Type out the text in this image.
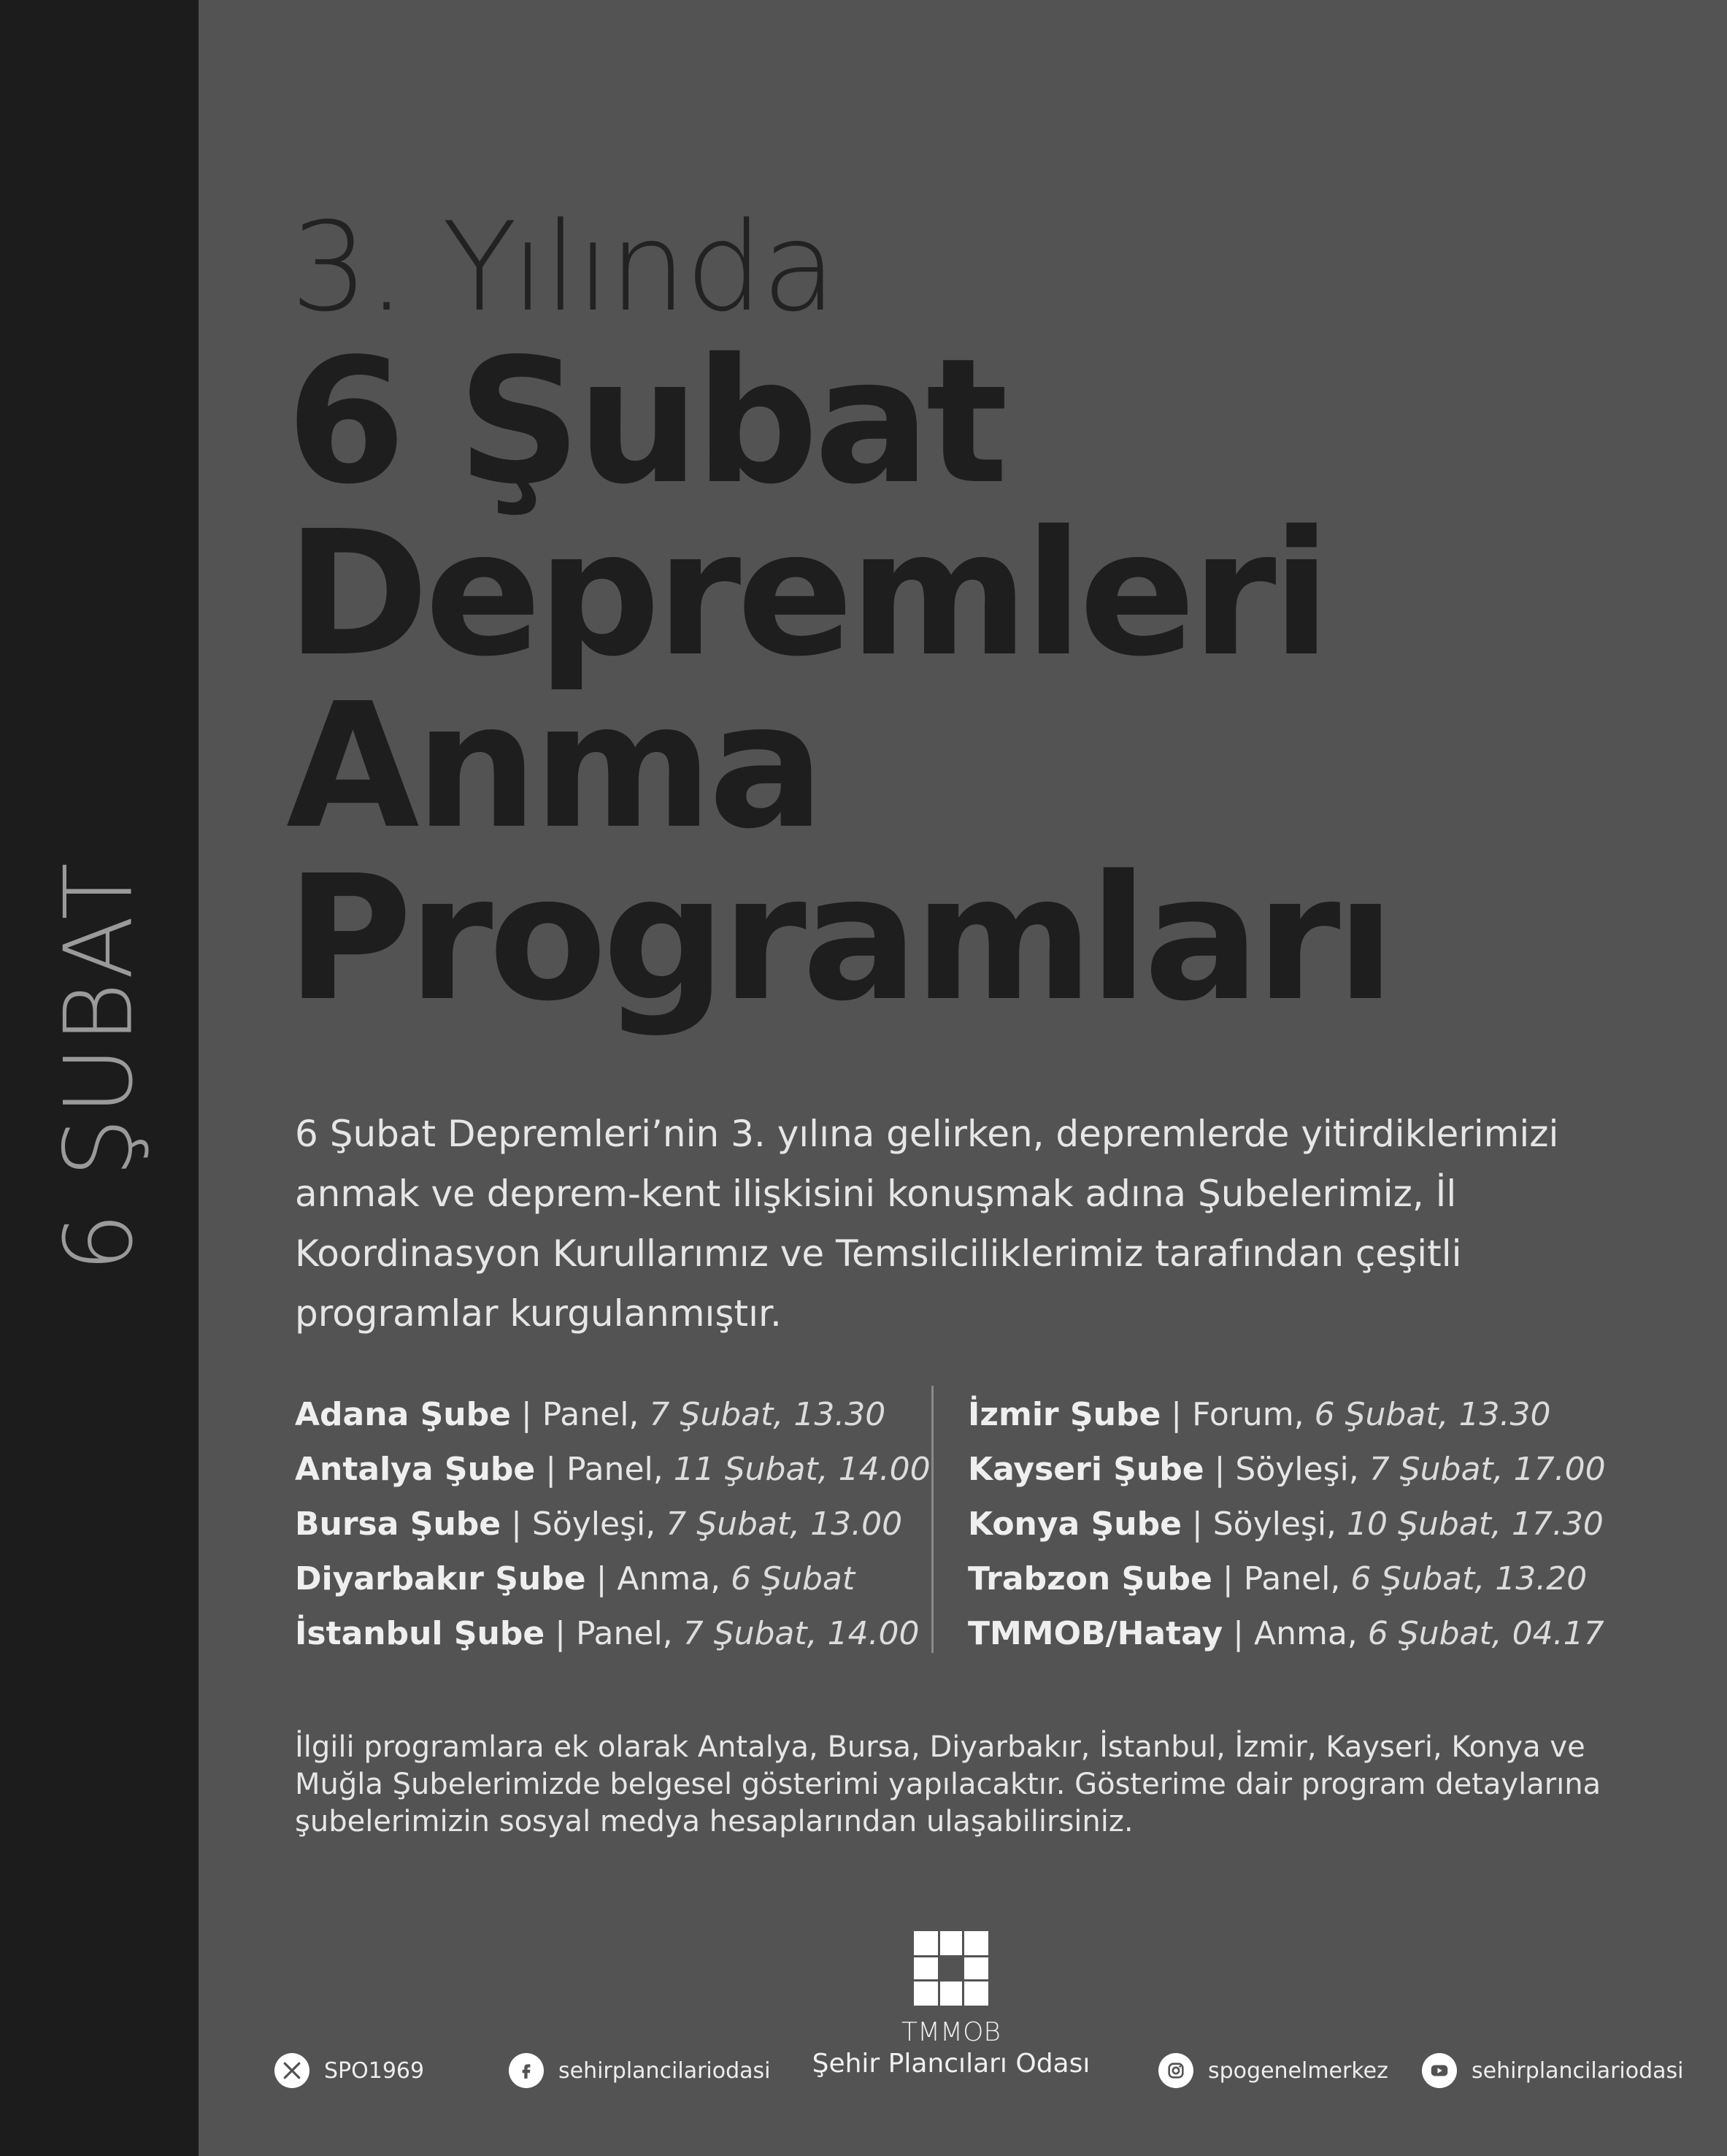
6 ŞUBAT
3. Yılında
6 Şubat
Depremleri
Anma
Programları
6 Şubat Depremleri’nin 3. yılına gelirken, depremlerde yitirdiklerimizi
anmak ve deprem-kent ilişkisini konuşmak adına Şubelerimiz, İl
Koordinasyon Kurullarımız ve Temsilciliklerimiz tarafından çeşitli
programlar kurgulanmıştır.
Adana Şube | Panel, 7 Şubat, 13.30
Antalya Şube | Panel, 11 Şubat, 14.00
Bursa Şube | Söyleşi, 7 Şubat, 13.00
Diyarbakır Şube | Anma, 6 Şubat
İstanbul Şube | Panel, 7 Şubat, 14.00
İzmir Şube | Forum, 6 Şubat, 13.30
Kayseri Şube | Söyleşi, 7 Şubat, 17.00
Konya Şube | Söyleşi, 10 Şubat, 17.30
Trabzon Şube | Panel, 6 Şubat, 13.20
TMMOB/Hatay | Anma, 6 Şubat, 04.17
İlgili programlara ek olarak Antalya, Bursa, Diyarbakır, İstanbul, İzmir, Kayseri, Konya ve
Muğla Şubelerimizde belgesel gösterimi yapılacaktır. Gösterime dair program detaylarına
şubelerimizin sosyal medya hesaplarından ulaşabilirsiniz.
TMMOB
Şehir Plancıları Odası
SPO1969	sehirplancilariodasi	spogenelmerkez	sehirplancilariodasi
